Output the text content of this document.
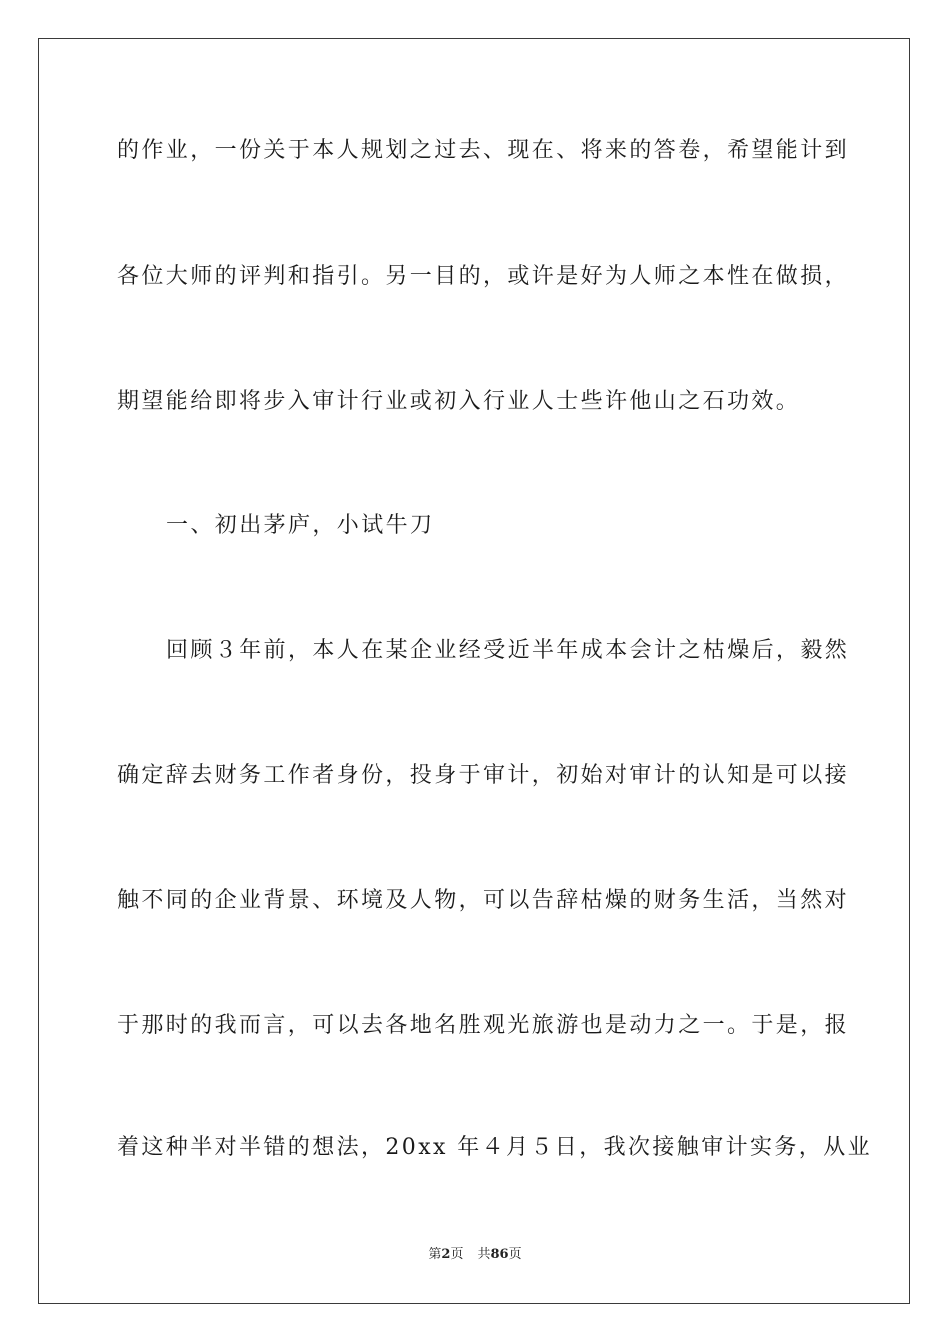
的作业，一份关于本人规划之过去、现在、将来的答卷，希望能计到
各位大师的评判和指引。另一目的，或许是好为人师之本性在做损，
期望能给即将步入审计行业或初入行业人士些许他山之石功效。
一、初出茅庐，小试牛刀
回顾３年前，本人在某企业经受近半年成本会计之枯燥后，毅然
确定辞去财务工作者身份，投身于审计，初始对审计的认知是可以接
触不同的企业背景、环境及人物，可以告辞枯燥的财务生活，当然对
于那时的我而言，可以去各地名胜观光旅游也是动力之一。于是，报
着这种半对半错的想法，20xx 年４月５日，我次接触审计实务，从业
第2页 共86页
